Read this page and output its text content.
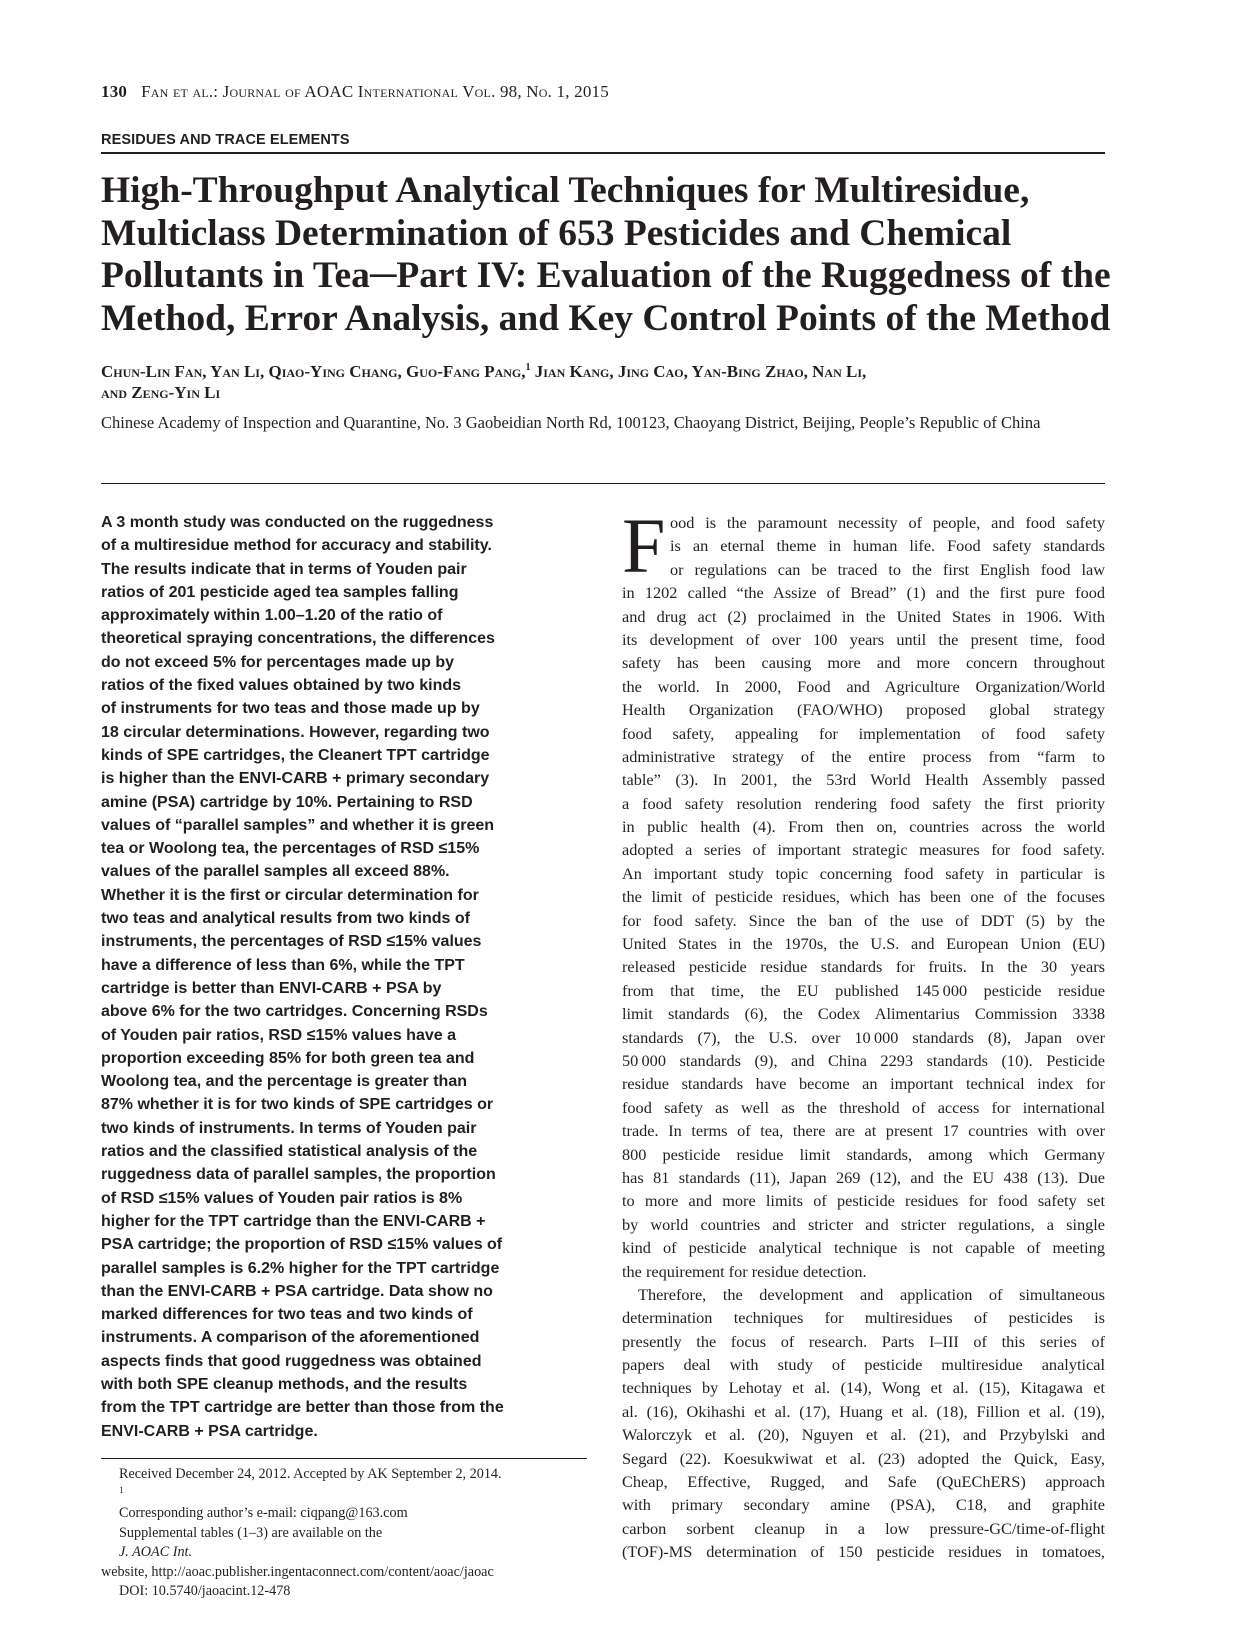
130 Fan et al.: Journal of AOAC International Vol. 98, No. 1, 2015
RESIDUES AND TRACE ELEMENTS
High-Throughput Analytical Techniques for Multiresidue,
Multiclass Determination of 653 Pesticides and Chemical
Pollutants in Tea─Part IV: Evaluation of the Ruggedness of the
Method, Error Analysis, and Key Control Points of the Method
Chun-Lin Fan, Yan Li, Qiao-Ying Chang, Guo-Fang Pang,$^1$ Jian Kang, Jing Cao, Yan-Bing Zhao, Nan Li,
and Zeng-Yin Li
Chinese Academy of Inspection and Quarantine, No. 3 Gaobeidian North Rd, 100123, Chaoyang District, Beijing, People’s Republic of China
A 3 month study was conducted on the ruggedness
of a multiresidue method for accuracy and stability.
The results indicate that in terms of Youden pair
ratios of 201 pesticide aged tea samples falling
approximately within 1.00–1.20 of the ratio of
theoretical spraying concentrations, the differences
do not exceed 5% for percentages made up by
ratios of the fixed values obtained by two kinds
of instruments for two teas and those made up by
18 circular determinations. However, regarding two
kinds of SPE cartridges, the Cleanert TPT cartridge
is higher than the ENVI-CARB + primary secondary
amine (PSA) cartridge by 10%. Pertaining to RSD
values of “parallel samples” and whether it is green
tea or Woolong tea, the percentages of RSD ≤15%
values of the parallel samples all exceed 88%.
Whether it is the first or circular determination for
two teas and analytical results from two kinds of
instruments, the percentages of RSD ≤15% values
have a difference of less than 6%, while the TPT
cartridge is better than ENVI-CARB + PSA by
above 6% for the two cartridges. Concerning RSDs
of Youden pair ratios, RSD ≤15% values have a
proportion exceeding 85% for both green tea and
Woolong tea, and the percentage is greater than
87% whether it is for two kinds of SPE cartridges or
two kinds of instruments. In terms of Youden pair
ratios and the classified statistical analysis of the
ruggedness data of parallel samples, the proportion
of RSD ≤15% values of Youden pair ratios is 8%
higher for the TPT cartridge than the ENVI-CARB +
PSA cartridge; the proportion of RSD ≤15% values of
parallel samples is 6.2% higher for the TPT cartridge
than the ENVI-CARB + PSA cartridge. Data show no
marked differences for two teas and two kinds of
instruments. A comparison of the aforementioned
aspects finds that good ruggedness was obtained
with both SPE cleanup methods, and the results
from the TPT cartridge are better than those from the
ENVI-CARB + PSA cartridge.
Received December 24, 2012. Accepted by AK September 2, 2014.
$^1$
Corresponding author’s e-mail: ciqpang@163.com
Supplemental tables (1–3) are available on the
J. AOAC Int.
website, http://aoac.publisher.ingentaconnect.com/content/aoac/jaoac
DOI: 10.5740/jaoacint.12-478
F ood is the paramount necessity of people, and food safety
is an eternal theme in human life. Food safety standards
or regulations can be traced to the first English food law
in 1202 called “the Assize of Bread” (1) and the first pure food
and drug act (2) proclaimed in the United States in 1906. With
its development of over 100 years until the present time, food
safety has been causing more and more concern throughout
the world. In 2000, Food and Agriculture Organization/World
Health Organization (FAO/WHO) proposed global strategy
food safety, appealing for implementation of food safety
administrative strategy of the entire process from “farm to
table” (3). In 2001, the 53rd World Health Assembly passed
a food safety resolution rendering food safety the first priority
in public health (4). From then on, countries across the world
adopted a series of important strategic measures for food safety.
An important study topic concerning food safety in particular is
the limit of pesticide residues, which has been one of the focuses
for food safety. Since the ban of the use of DDT (5) by the
United States in the 1970s, the U.S. and European Union (EU)
released pesticide residue standards for fruits. In the 30 years
from that time, the EU published 145 000 pesticide residue
limit standards (6), the Codex Alimentarius Commission 3338
standards (7), the U.S. over 10 000 standards (8), Japan over
50 000 standards (9), and China 2293 standards (10). Pesticide
residue standards have become an important technical index for
food safety as well as the threshold of access for international
trade. In terms of tea, there are at present 17 countries with over
800 pesticide residue limit standards, among which Germany
has 81 standards (11), Japan 269 (12), and the EU 438 (13). Due
to more and more limits of pesticide residues for food safety set
by world countries and stricter and stricter regulations, a single
kind of pesticide analytical technique is not capable of meeting
the requirement for residue detection.
Therefore, the development and application of simultaneous
determination techniques for multiresidues of pesticides is
presently the focus of research. Parts I–III of this series of
papers deal with study of pesticide multiresidue analytical
techniques by Lehotay et al. (14), Wong et al. (15), Kitagawa et
al. (16), Okihashi et al. (17), Huang et al. (18), Fillion et al. (19),
Walorczyk et al. (20), Nguyen et al. (21), and Przybylski and
Segard (22). Koesukwiwat et al. (23) adopted the Quick, Easy,
Cheap, Effective, Rugged, and Safe (QuEChERS) approach
with primary secondary amine (PSA), C18, and graphite
carbon sorbent cleanup in a low pressure-GC/time-of-flight
(TOF)-MS determination of 150 pesticide residues in tomatoes,
